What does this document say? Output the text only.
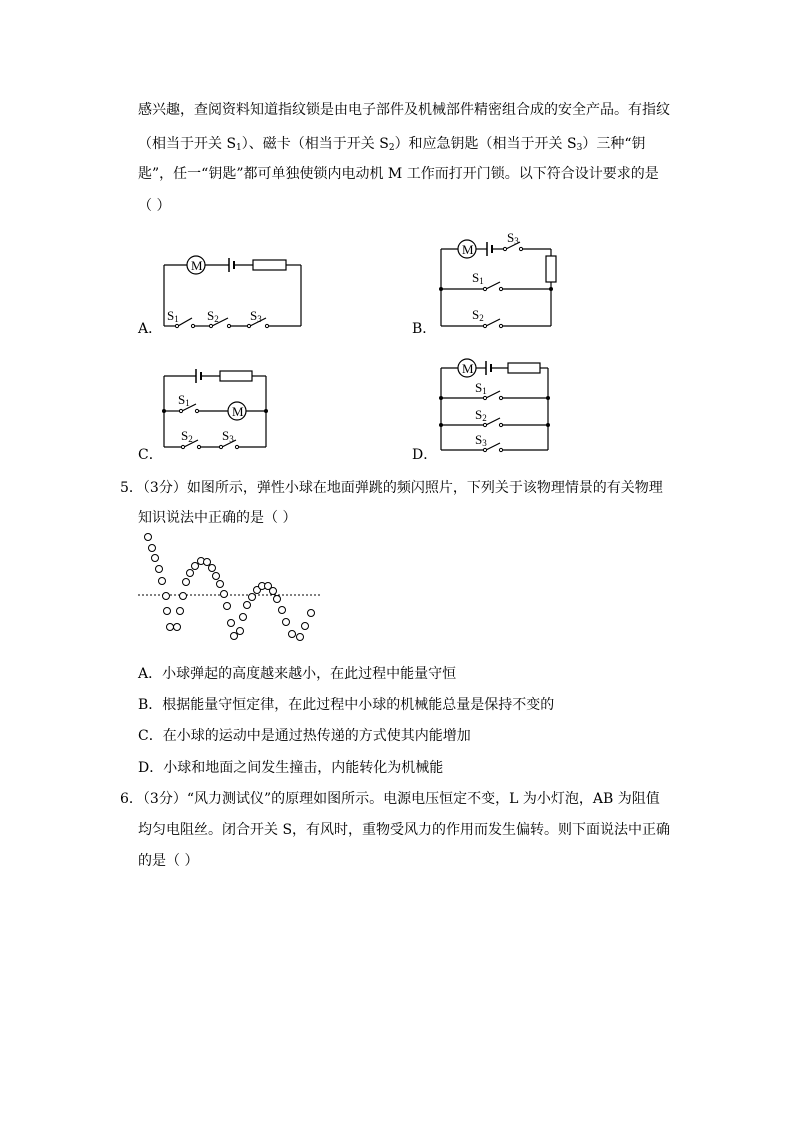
感兴趣，查阅资料知道指纹锁是由电子部件及机械部件精密组合成的安全产品。有指纹
（相当于开关 $S_1$）、磁卡（相当于开关 $S_2$）和应急钥匙（相当于开关 $S_3$）三种“钥
匙”，任一“钥匙”都可单独使锁内电动机 M 工作而打开门锁。以下符合设计要求的是
（ ）
A．
M
$S_1$ $S_2$ $S_3$
B．
M
$S_3$
$S_1$
$S_2$
C．
M
$S_1$
$S_2$ $S_3$
D．
M
$S_1$
$S_2$
$S_3$
5．（3分）如图所示，弹性小球在地面弹跳的频闪照片，下列关于该物理情景的有关物理
知识说法中正确的是（ ）
A．小球弹起的高度越来越小，在此过程中能量守恒
B．根据能量守恒定律，在此过程中小球的机械能总量是保持不变的
C．在小球的运动中是通过热传递的方式使其内能增加
D．小球和地面之间发生撞击，内能转化为机械能
6．（3分）“风力测试仪”的原理如图所示。电源电压恒定不变，L 为小灯泡，AB 为阻值
均匀电阻丝。闭合开关 S，有风时，重物受风力的作用而发生偏转。则下面说法中正确
的是（ ）
